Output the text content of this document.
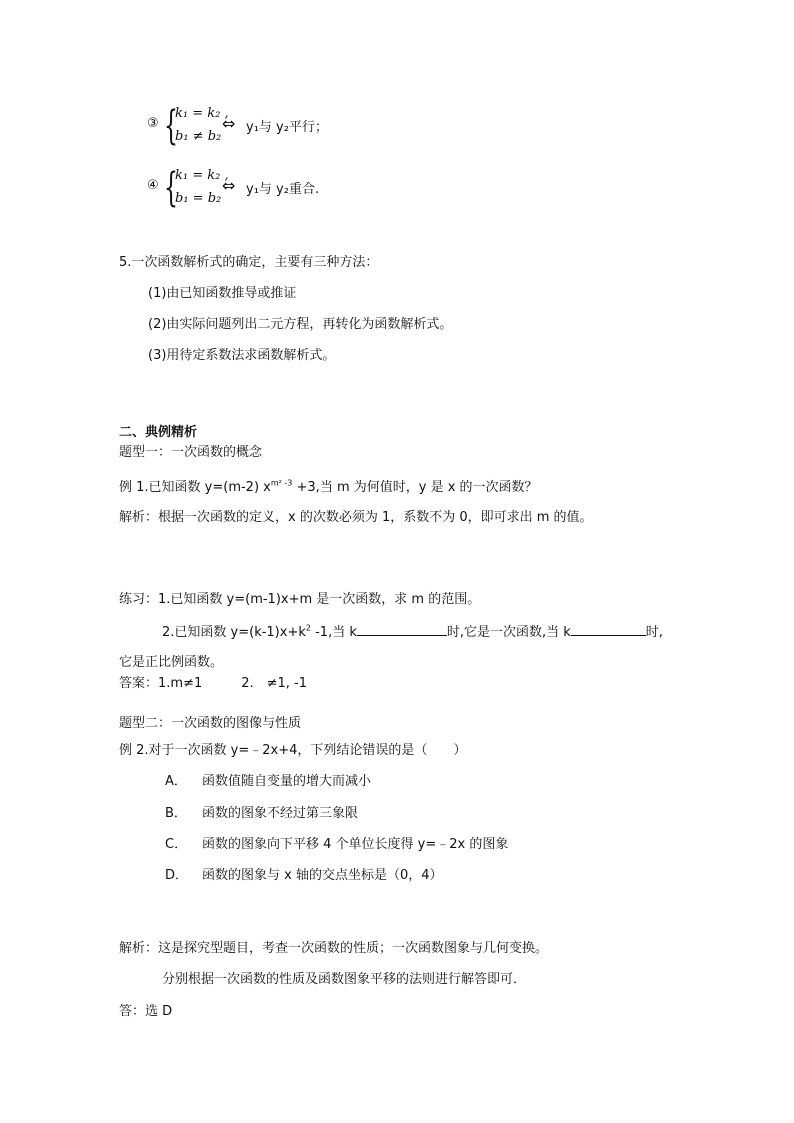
③ {
k₁ = k₂ ,
b₁ ≠ b₂
⇔ y₁与 y₂平行；
④ {
k₁ = k₂ ,
b₁ = b₂
⇔ y₁与 y₂重合.
5.一次函数解析式的确定，主要有三种方法：
(1)由已知函数推导或推证
(2)由实际问题列出二元方程，再转化为函数解析式。
(3)用待定系数法求函数解析式。
二、典例精析
题型一：一次函数的概念
例 1.已知函数 y=(m-2) $x^{m^2 -3} +3$,当 m 为何值时，y 是 x 的一次函数？
解析：根据一次函数的定义，x 的次数必须为 1，系数不为 0，即可求出 m 的值。
练习：1.已知函数 y=(m-1)x+m 是一次函数，求 m 的范围。
2.已知函数 $y=(k-1)x+k^2$ -1,当 k	时,它是一次函数,当 k	时,
它是正比例函数。
答案：1.m≠1　　　2.　≠1, -1
题型二：一次函数的图像与性质
例 2.对于一次函数 y=﹣2x+4，下列结论错误的是（　　）
A． 函数值随自变量的增大而减小
B． 函数的图象不经过第三象限
C． 函数的图象向下平移 4 个单位长度得 y=﹣2x 的图象
D． 函数的图象与 x 轴的交点坐标是（0，4）
解析：这是探究型题目，考查一次函数的性质；一次函数图象与几何变换。
分别根据一次函数的性质及函数图象平移的法则进行解答即可．
答：选 D
